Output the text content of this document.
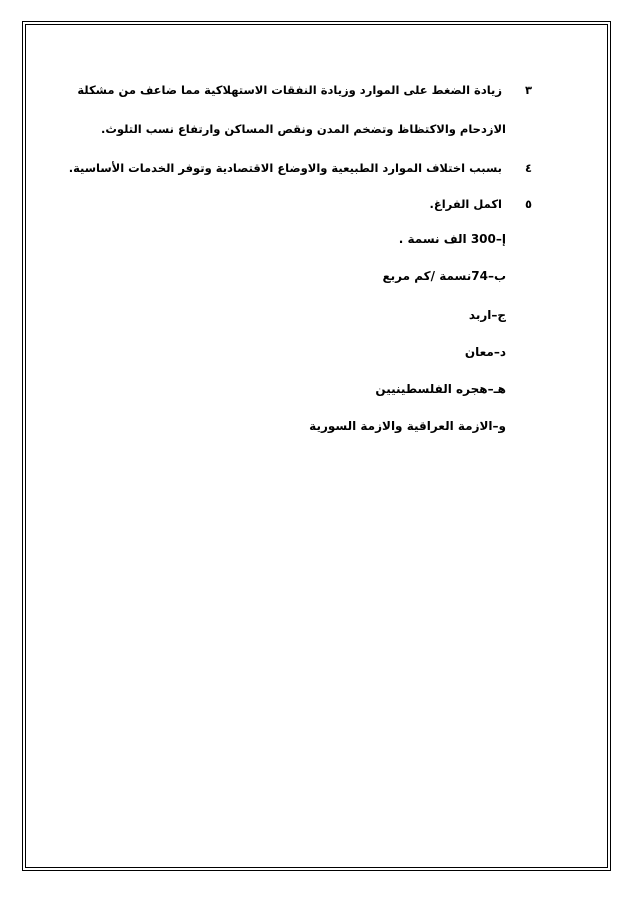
٣ زيادة الضغط على الموارد وزيادة النفقات الاستهلاكية مما ضاعف من مشكلة
الازدحام والاكتظاظ وتضخم المدن ونقص المساكن وارتفاع نسب التلوث.
٤ بسبب اختلاف الموارد الطبيعية والاوضاع الاقتصادية وتوفر الخدمات الأساسية.
٥ اكمل الفراغ.
إ–300 الف نسمة .
ب–74نسمة /كم مربع
ج–اربد
د–معان
هـ–هجره الفلسطينيين
و–الازمة العراقية والازمة السورية
